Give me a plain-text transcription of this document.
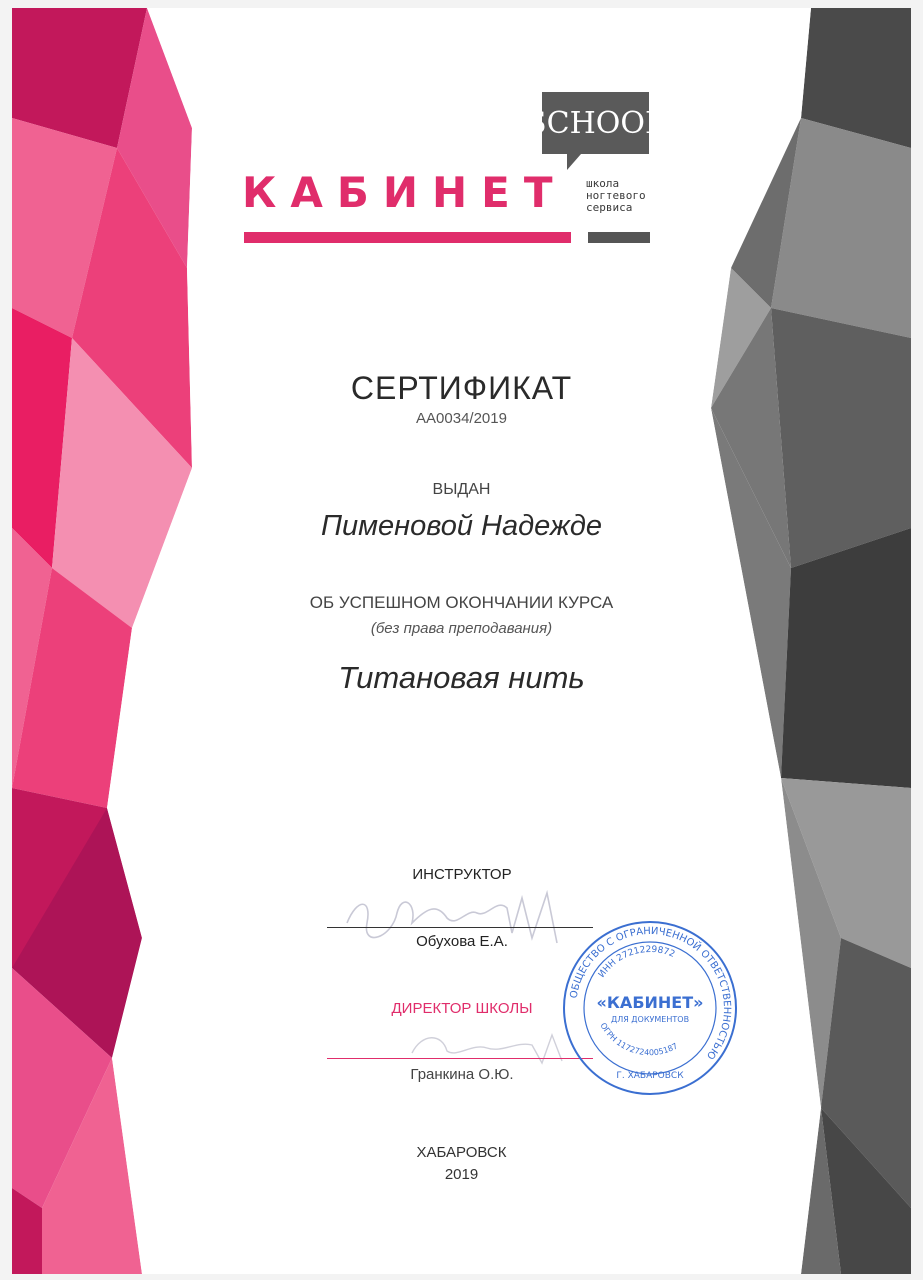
SCHOOL
КАБИНЕТ школа
ногтевого
сервиса
СЕРТИФИКАТ
АА0034/2019
ВЫДАН
Пименовой Надежде
ОБ УСПЕШНОМ ОКОНЧАНИИ КУРСА
(без права преподавания)
Титановая нить
ИНСТРУКТОР
Обухова Е.А.
ДИРЕКТОР ШКОЛЫ
Гранкина О.Ю.
ОБЩЕСТВО С ОГРАНИЧЕННОЙ ОТВЕТСТВЕННОСТЬЮ
ИНН 2721229872
«КАБИНЕТ»
ДЛЯ ДОКУМЕНТОВ
ОГРН 1172724005187
Г. ХАБАРОВСК
ХАБАРОВСК
2019
